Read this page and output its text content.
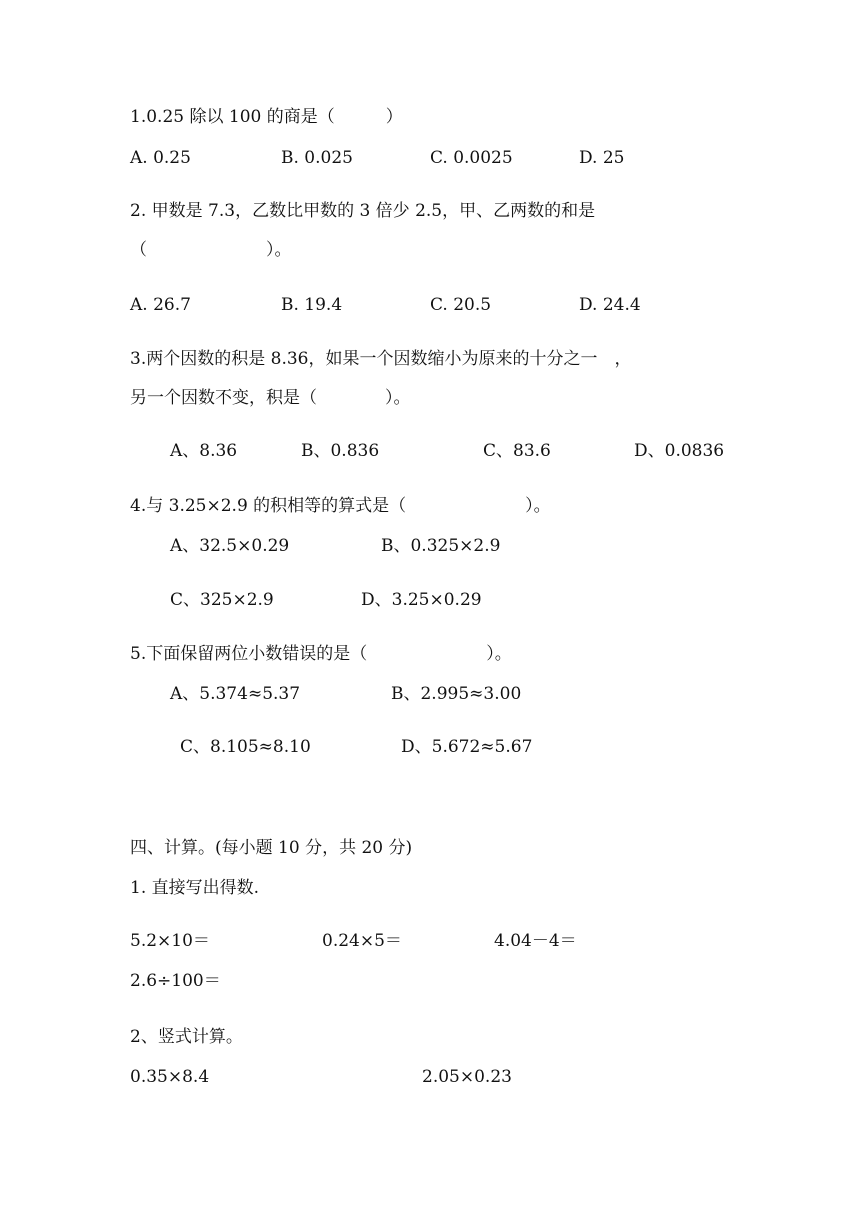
1.0.25 除以 100 的商是（　　　）
A. 0.25	B. 0.025	C. 0.0025	D. 25
2. 甲数是 7.3，乙数比甲数的 3 倍少 2.5，甲、乙两数的和是
（　　　　　　　）。
A. 26.7	B. 19.4	C. 20.5	D. 24.4
3.两个因数的积是 8.36，如果一个因数缩小为原来的十分之一　，
另一个因数不变，积是（　　　　）。
A、8.36	B、0.836	C、83.6	D、0.0836
4.与 3.25×2.9 的积相等的算式是（　　　　　　　）。
A、32.5×0.29	B、0.325×2.9
C、325×2.9	D、3.25×0.29
5.下面保留两位小数错误的是（　　　　　　　）。
A、5.374≈5.37	B、2.995≈3.00
C、8.105≈8.10	D、5.672≈5.67
四、计算。(每小题 10 分，共 20 分)
1. 直接写出得数.
5.2×10＝	0.24×5＝	4.04－4＝
2.6÷100＝
2、竖式计算。
0.35×8.4	2.05×0.23
